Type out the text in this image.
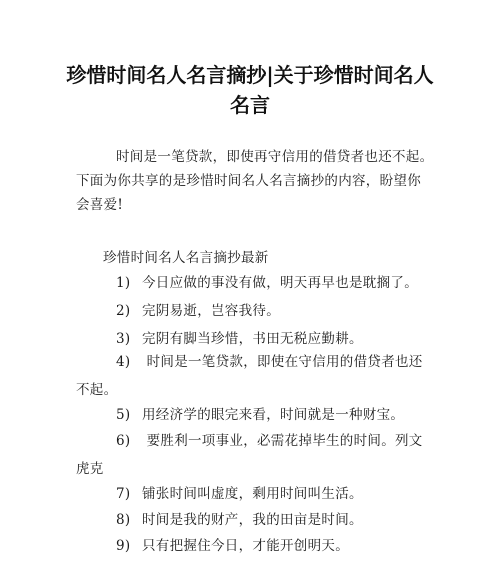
珍惜时间名人名言摘抄|关于珍惜时间名人
名言
时间是一笔贷款，即使再守信用的借贷者也还不起。下面为你共享的是珍惜时间名人名言摘抄的内容，盼望你会喜爱!
珍惜时间名人名言摘抄最新
1) 今日应做的事没有做，明天再早也是耽搁了。
2) 完阴易逝，岂容我待。
3) 完阴有脚当珍惜，书田无税应勤耕。
4) 时间是一笔贷款，即使在守信用的借贷者也还不起。
5) 用经济学的眼完来看，时间就是一种财宝。
6) 要胜利一项事业，必需花掉毕生的时间。列文虎克
7) 铺张时间叫虚度，剩用时间叫生活。
8) 时间是我的财产，我的田亩是时间。
9) 只有把握住今日，才能开创明天。
